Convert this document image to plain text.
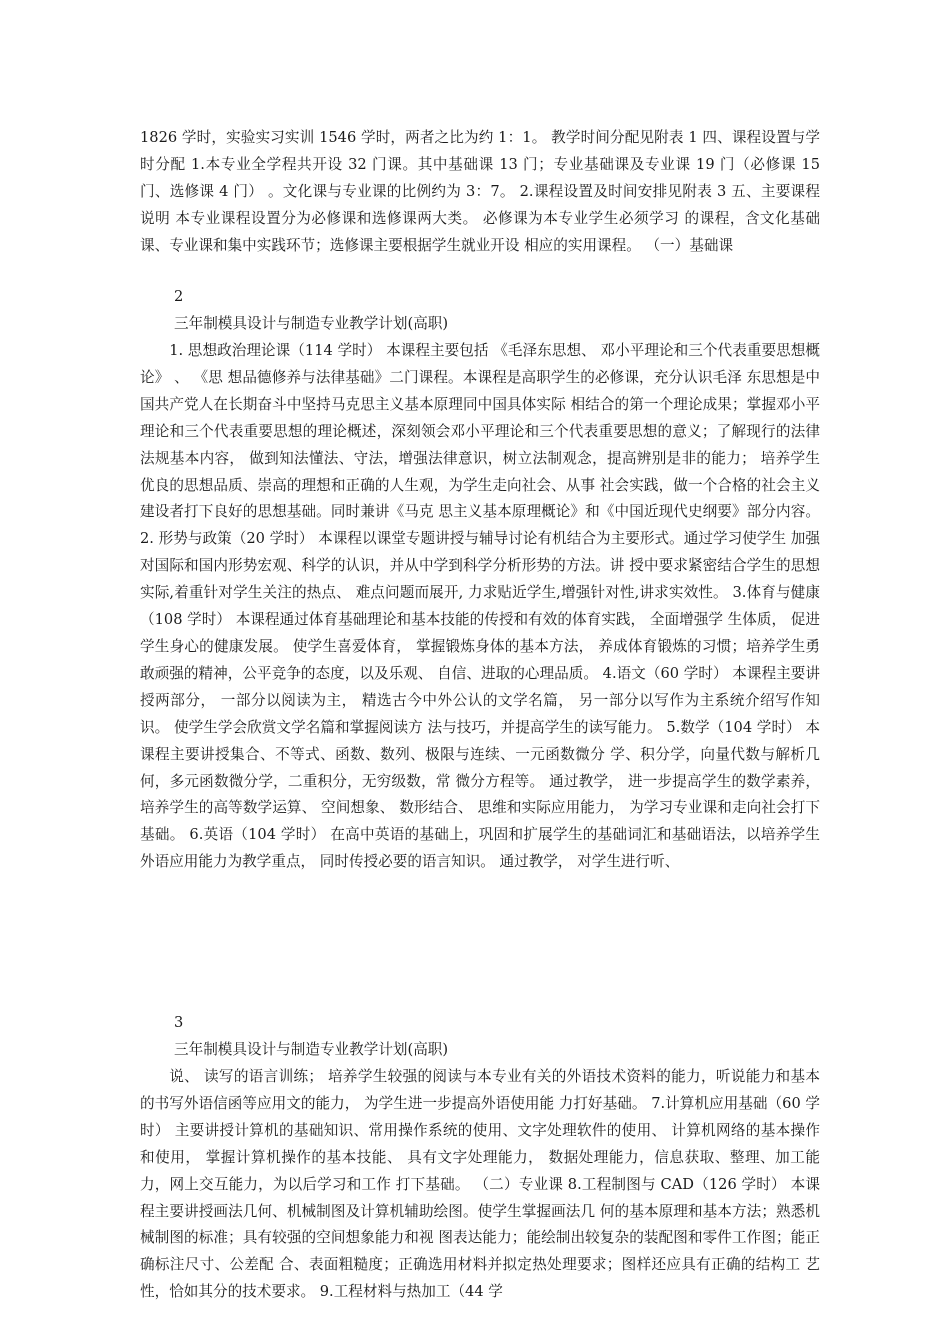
1826 学时，实验实习实训 1546 学时，两者之比为约 1：1。 教学时间分配见附表 1 四、课程设置与学时分配 1.本专业全学程共开设 32 门课。其中基础课 13 门；专业基础课及专业课 19 门（必修课 15 门、选修课 4 门） 。文化课与专业课的比例约为 3：7。 2.课程设置及时间安排见附表 3 五、主要课程说明 本专业课程设置分为必修课和选修课两大类。 必修课为本专业学生必须学习 的课程，含文化基础课、专业课和集中实践环节；选修课主要根据学生就业开设 相应的实用课程。 （一）基础课

2

三年制模具设计与制造专业教学计划(高职)

1. 思想政治理论课（114 学时） 本课程主要包括 《毛泽东思想、 邓小平理论和三个代表重要思想概论》 、 《思 想品德修养与法律基础》二门课程。本课程是高职学生的必修课，充分认识毛泽 东思想是中国共产党人在长期奋斗中坚持马克思主义基本原理同中国具体实际 相结合的第一个理论成果；掌握邓小平理论和三个代表重要思想的理论概述，深刻领会邓小平理论和三个代表重要思想的意义；了解现行的法律法规基本内容， 做到知法懂法、守法，增强法律意识，树立法制观念，提高辨别是非的能力； 培养学生优良的思想品质、崇高的理想和正确的人生观，为学生走向社会、从事 社会实践，做一个合格的社会主义建设者打下良好的思想基础。同时兼讲《马克 思主义基本原理概论》和《中国近现代史纲要》部分内容。 2. 形势与政策（20 学时） 本课程以课堂专题讲授与辅导讨论有机结合为主要形式。通过学习使学生 加强对国际和国内形势宏观、科学的认识，并从中学到科学分析形势的方法。讲 授中要求紧密结合学生的思想实际,着重针对学生关注的热点、 难点问题而展开, 力求贴近学生,增强针对性,讲求实效性。 3.体育与健康（108 学时） 本课程通过体育基础理论和基本技能的传授和有效的体育实践， 全面增强学 生体质， 促进学生身心的健康发展。 使学生喜爱体育， 掌握锻炼身体的基本方法， 养成体育锻炼的习惯；培养学生勇敢顽强的精神，公平竞争的态度，以及乐观、 自信、进取的心理品质。 4.语文（60 学时） 本课程主要讲授两部分， 一部分以阅读为主， 精选古今中外公认的文学名篇， 另一部分以写作为主系统介绍写作知识。 使学生学会欣赏文学名篇和掌握阅读方 法与技巧，并提高学生的读写能力。 5.数学（104 学时） 本课程主要讲授集合、不等式、函数、数列、极限与连续、一元函数微分 学、积分学，向量代数与解析几何，多元函数微分学，二重积分，无穷级数，常 微分方程等。 通过教学， 进一步提高学生的数学素养， 培养学生的高等数学运算、 空间想象、 数形结合、 思维和实际应用能力， 为学习专业课和走向社会打下基础。 6.英语（104 学时） 在高中英语的基础上，巩固和扩展学生的基础词汇和基础语法，以培养学生 外语应用能力为教学重点， 同时传授必要的语言知识。 通过教学， 对学生进行听、

3

三年制模具设计与制造专业教学计划(高职)

说、 读写的语言训练； 培养学生较强的阅读与本专业有关的外语技术资料的能力，听说能力和基本的书写外语信函等应用文的能力， 为学生进一步提高外语使用能 力打好基础。 7.计算机应用基础（60 学时） 主要讲授计算机的基础知识、常用操作系统的使用、文字处理软件的使用、 计算机网络的基本操作和使用， 掌握计算机操作的基本技能、 具有文字处理能力， 数据处理能力，信息获取、整理、加工能力，网上交互能力，为以后学习和工作 打下基础。 （二）专业课 8.工程制图与 CAD（126 学时） 本课程主要讲授画法几何、机械制图及计算机辅助绘图。使学生掌握画法几 何的基本原理和基本方法；熟悉机械制图的标准；具有较强的空间想象能力和视 图表达能力；能绘制出较复杂的装配图和零件工作图；能正确标注尺寸、公差配 合、表面粗糙度；正确选用材料并拟定热处理要求；图样还应具有正确的结构工 艺性，恰如其分的技术要求。 9.工程材料与热加工（44 学
